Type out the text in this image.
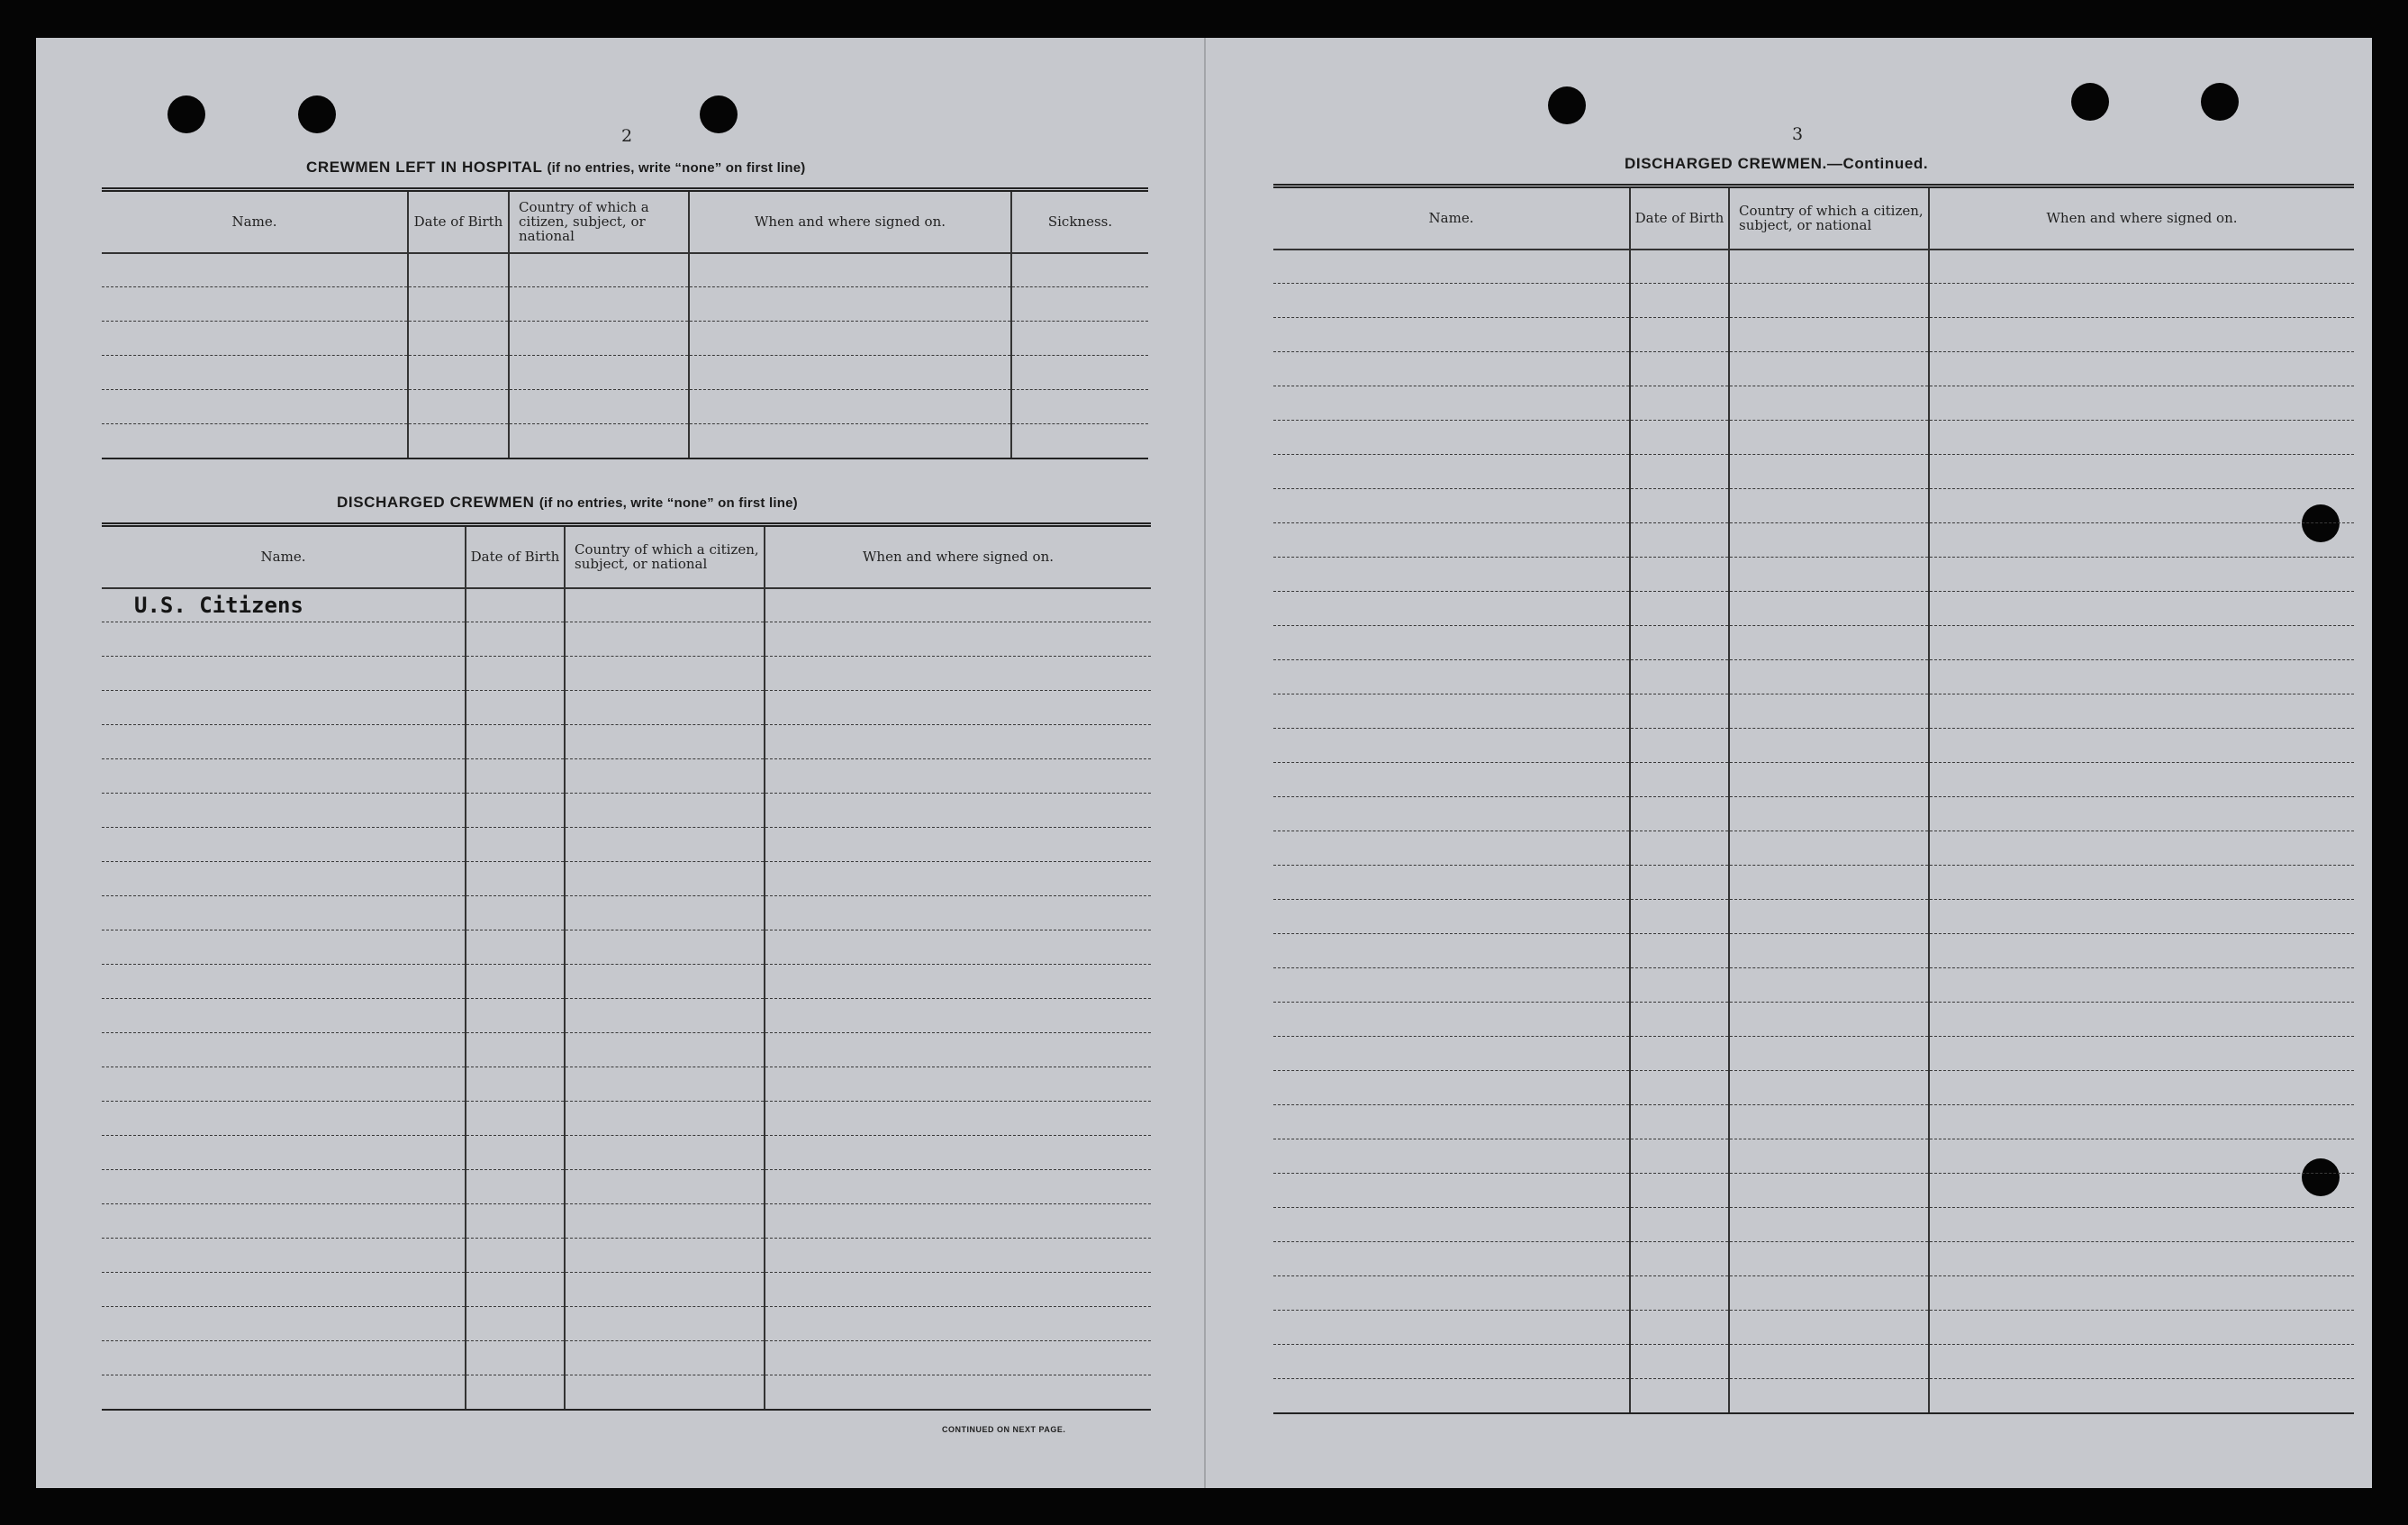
2
CREWMEN LEFT IN HOSPITAL (if no entries, write “none” on first line)
Name.	Date of Birth	Country of which a citizen, subject, or national	When and where signed on.	Sickness.

DISCHARGED CREWMEN (if no entries, write “none” on first line)
Name.	Date of Birth	Country of which a citizen, subject, or national	When and where signed on.
U.S. Citizens			

CONTINUED ON NEXT PAGE.
3
DISCHARGED CREWMEN.—Continued.
Name.	Date of Birth	Country of which a citizen, subject, or national	When and where signed on.
